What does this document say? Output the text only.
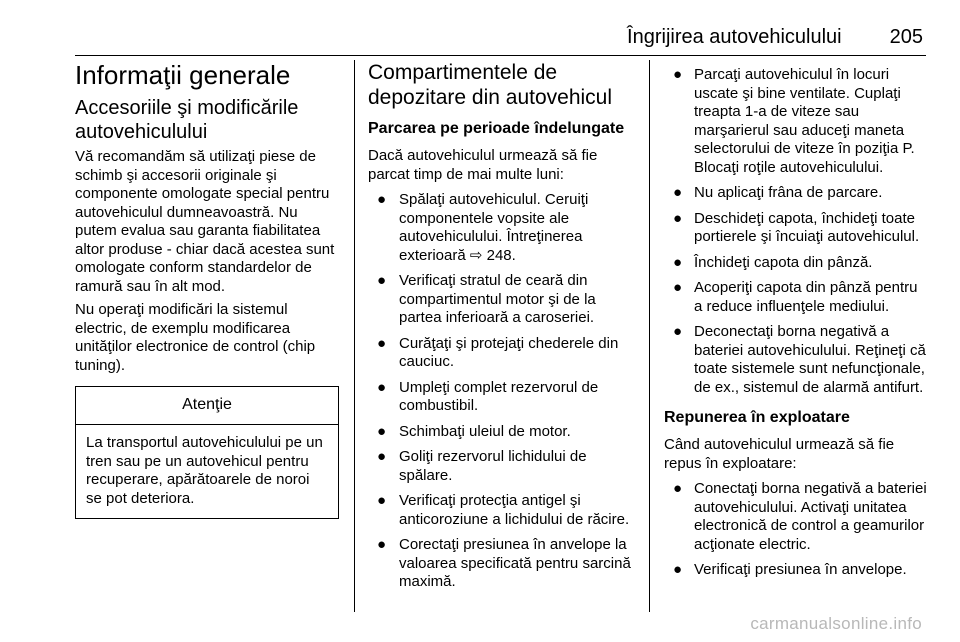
Îngrijirea autovehiculului 205
Informaţii generale
Accesoriile şi modificările autovehiculului

Vă recomandăm să utilizaţi piese de schimb şi accesorii originale şi componente omologate special pentru autovehiculul dumneavoastră. Nu putem evalua sau garanta fiabilitatea altor produse - chiar dacă acestea sunt omologate conform standardelor de ramură sau în alt mod.

Nu operaţi modificări la sistemul electric, de exemplu modificarea unităţilor electronice de control (chip tuning).

Atenţie
La transportul autovehiculului pe un tren sau pe un autovehicul pentru recuperare, apărătoarele de noroi se pot deteriora.
Compartimentele de depozitare din autovehicul
Parcarea pe perioade îndelungate

Dacă autovehiculul urmează să fie parcat timp de mai multe luni:

● Spălaţi autovehiculul. Ceruiţi componentele vopsite ale autovehiculului. Întreţinerea exterioară ⇨ 248.
● Verificaţi stratul de ceară din compartimentul motor şi de la partea inferioară a caroseriei.
● Curăţaţi şi protejaţi chederele din cauciuc.
● Umpleţi complet rezervorul de combustibil.
● Schimbaţi uleiul de motor.
● Goliţi rezervorul lichidului de spălare.
● Verificaţi protecţia antigel şi anticoroziune a lichidului de răcire.
● Corectaţi presiunea în anvelope la valoarea specificată pentru sarcină maximă.
● Parcaţi autovehiculul în locuri uscate şi bine ventilate. Cuplaţi treapta 1-a de viteze sau marşarierul sau aduceţi maneta selectorului de viteze în poziţia P. Blocaţi roţile autovehiculului.
● Nu aplicaţi frâna de parcare.
● Deschideţi capota, închideţi toate portierele şi încuiaţi autovehiculul.
● Închideţi capota din pânză.
● Acoperiţi capota din pânză pentru a reduce influenţele mediului.
● Deconectaţi borna negativă a bateriei autovehiculului. Reţineţi că toate sistemele sunt nefuncţionale, de ex., sistemul de alarmă antifurt.
Repunerea în exploatare

Când autovehiculul urmează să fie repus în exploatare:

● Conectaţi borna negativă a bateriei autovehiculului. Activaţi unitatea electronică de control a geamurilor acţionate electric.
● Verificaţi presiunea în anvelope.
carmanualsonline.info
